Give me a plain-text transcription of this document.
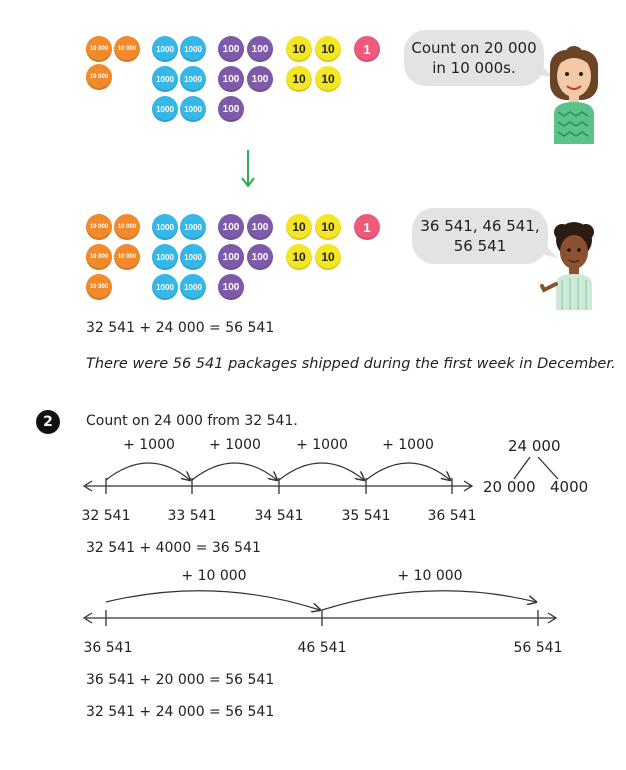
10 000	10 000
10 000
1000	1000
1000	1000
1000	1000
100	100
100	100
100
10	10
10	10
1	Count on 20 000
in 10 000s.
10 000	10 000
10 000	10 000
10 000
1000	1000
1000	1000
1000	1000
100	100
100	100
100
10	10
10	10
1	36 541, 46 541,
56 541
32 541 + 24 000 = 56 541
There were 56 541 packages shipped during the first week in December.
2	Count on 24 000 from 32 541.
+ 1000 + 1000	+ 1000 + 1000
32 541	33 541	34 541	35 541	36 541
24 000
20 000 4000
32 541 + 4000 = 36 541
+ 10 000	+ 10 000
36 541	46 541	56 541
36 541 + 20 000 = 56 541
32 541 + 24 000 = 56 541
